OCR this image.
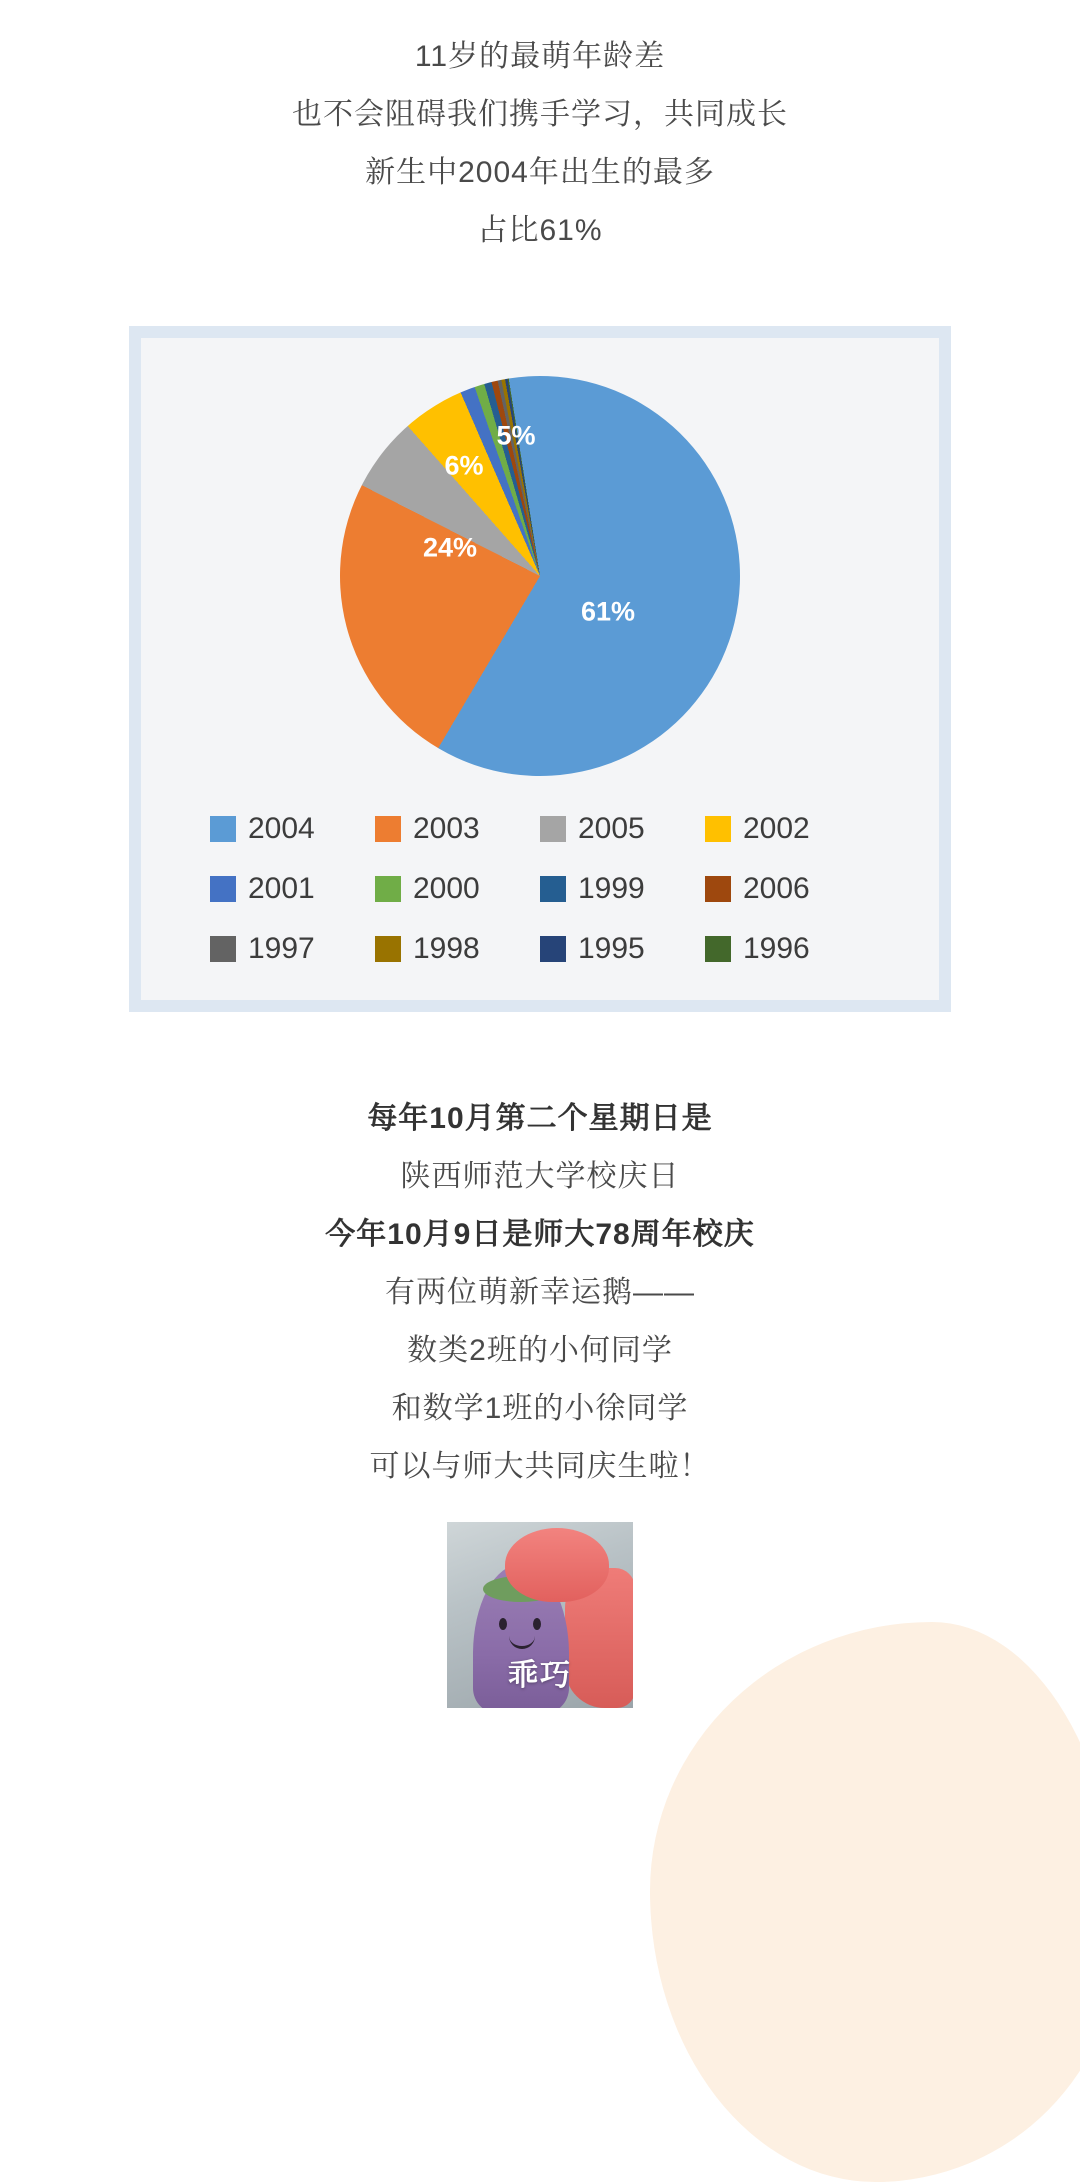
11岁的最萌年龄差
也不会阻碍我们携手学习，共同成长
新生中2004年出生的最多
占比61%
61%
24%
6%
5%
2004	2003	2005	2002
2001	2000	1999	2006
1997	1998	1995	1996
每年10月第二个星期日是
陕西师范大学校庆日
今年10月9日是师大78周年校庆
有两位萌新幸运鹅——
数类2班的小何同学
和数学1班的小徐同学
可以与师大共同庆生啦！
乖巧
